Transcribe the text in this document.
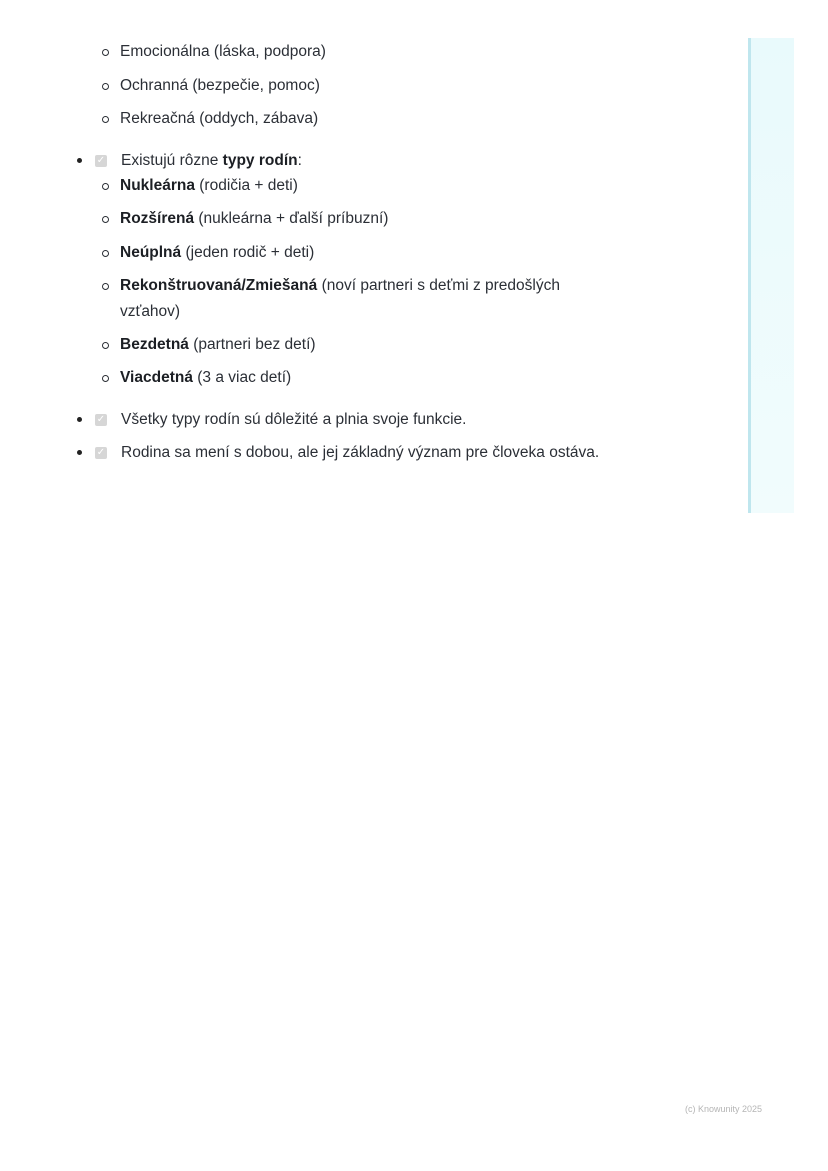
Emocionálna (láska, podpora)
Ochranná (bezpečie, pomoc)
Rekreačná (oddych, zábava)
✓ Existujú rôzne typy rodín:
Nukleárna (rodičia + deti)
Rozšírená (nukleárna + ďalší príbuzní)
Neúplná (jeden rodič + deti)
Rekonštruovaná/Zmiešaná (noví partneri s deťmi z predošlých
vzťahov)
Bezdetná (partneri bez detí)
Viacdetná (3 a viac detí)
✓ Všetky typy rodín sú dôležité a plnia svoje funkcie.
✓ Rodina sa mení s dobou, ale jej základný význam pre človeka ostáva.
(c) Knowunity 2025
